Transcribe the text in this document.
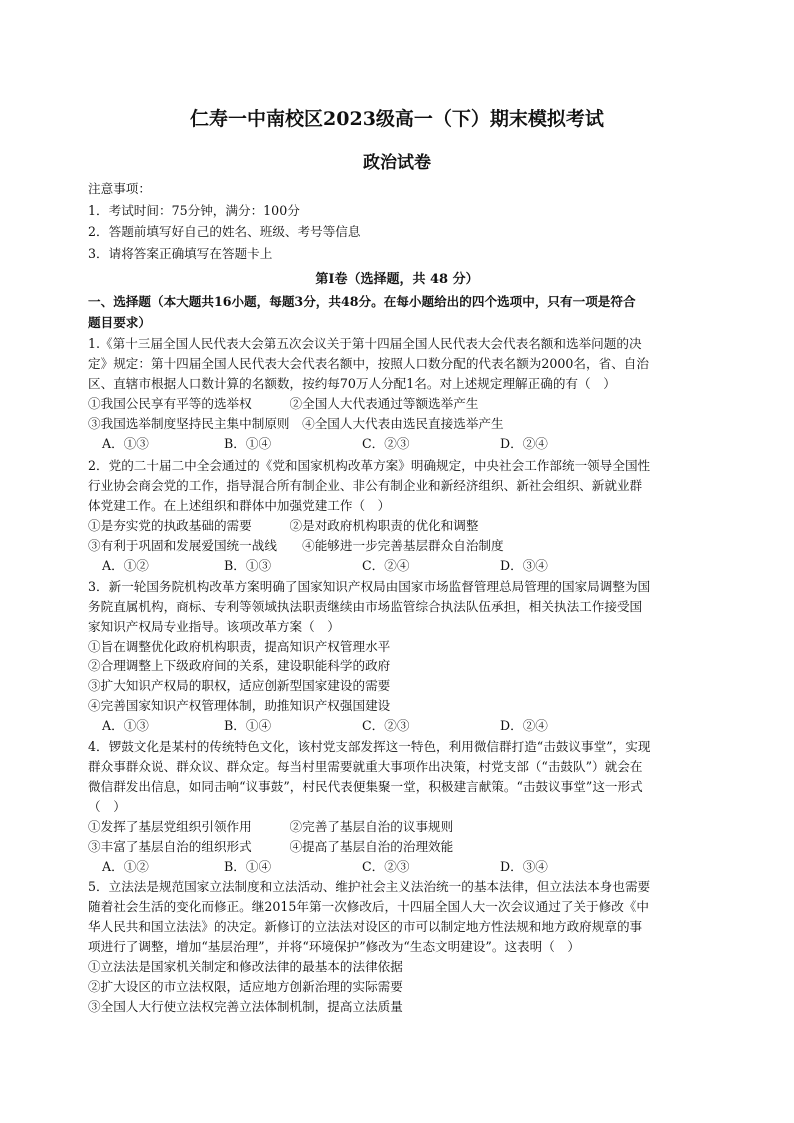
仁寿一中南校区2023级高一（下）期末模拟考试
政治试卷
注意事项：
1．考试时间：75分钟，满分：100分
2．答题前填写好自己的姓名、班级、考号等信息
3．请将答案正确填写在答题卡上
第Ⅰ卷（选择题，共 48 分）
一、选择题（本大题共16小题，每题3分，共48分。在每小题给出的四个选项中，只有一项是符合
题目要求）
1.《第十三届全国人民代表大会第五次会议关于第十四届全国人民代表大会代表名额和选举问题的决
定》规定：第十四届全国人民代表大会代表名额中，按照人口数分配的代表名额为2000名，省、自治
区、直辖市根据人口数计算的名额数，按约每70万人分配1名。对上述规定理解正确的有（　）
①我国公民享有平等的选举权　　　②全国人大代表通过等额选举产生
③我国选举制度坚持民主集中制原则　④全国人大代表由选民直接选举产生
A．①③	B．①④	C．②③	D．②④
2．党的二十届二中全会通过的《党和国家机构改革方案》明确规定，中央社会工作部统一领导全国性
行业协会商会党的工作，指导混合所有制企业、非公有制企业和新经济组织、新社会组织、新就业群
体党建工作。在上述组织和群体中加强党建工作（　）
①是夯实党的执政基础的需要　　　②是对政府机构职责的优化和调整
③有利于巩固和发展爱国统一战线　　④能够进一步完善基层群众自治制度
A．①②	B．①③	C．②④	D．③④
3．新一轮国务院机构改革方案明确了国家知识产权局由国家市场监督管理总局管理的国家局调整为国
务院直属机构，商标、专利等领域执法职责继续由市场监管综合执法队伍承担，相关执法工作接受国
家知识产权局专业指导。该项改革方案（　）
①旨在调整优化政府机构职责，提高知识产权管理水平
②合理调整上下级政府间的关系，建设职能科学的政府
③扩大知识产权局的职权，适应创新型国家建设的需要
④完善国家知识产权管理体制，助推知识产权强国建设
A．①③	B．①④	C．②③	D．②④
4．锣鼓文化是某村的传统特色文化，该村党支部发挥这一特色，利用微信群打造“击鼓议事堂”，实现
群众事群众说、群众议、群众定。每当村里需要就重大事项作出决策，村党支部（“击鼓队”）就会在
微信群发出信息，如同击响“议事鼓”，村民代表便集聚一堂，积极建言献策。“击鼓议事堂”这一形式
（　）
①发挥了基层党组织引领作用　　　②完善了基层自治的议事规则
③丰富了基层自治的组织形式　　　④提高了基层自治的治理效能
A．①②	B．①④	C．②③	D．③④
5．立法法是规范国家立法制度和立法活动、维护社会主义法治统一的基本法律，但立法法本身也需要
随着社会生活的变化而修正。继2015年第一次修改后，十四届全国人大一次会议通过了关于修改《中
华人民共和国立法法》的决定。新修订的立法法对设区的市可以制定地方性法规和地方政府规章的事
项进行了调整，增加“基层治理”，并将“环境保护”修改为“生态文明建设”。这表明（　）
①立法法是国家机关制定和修改法律的最基本的法律依据
②扩大设区的市立法权限，适应地方创新治理的实际需要
③全国人大行使立法权完善立法体制机制，提高立法质量
